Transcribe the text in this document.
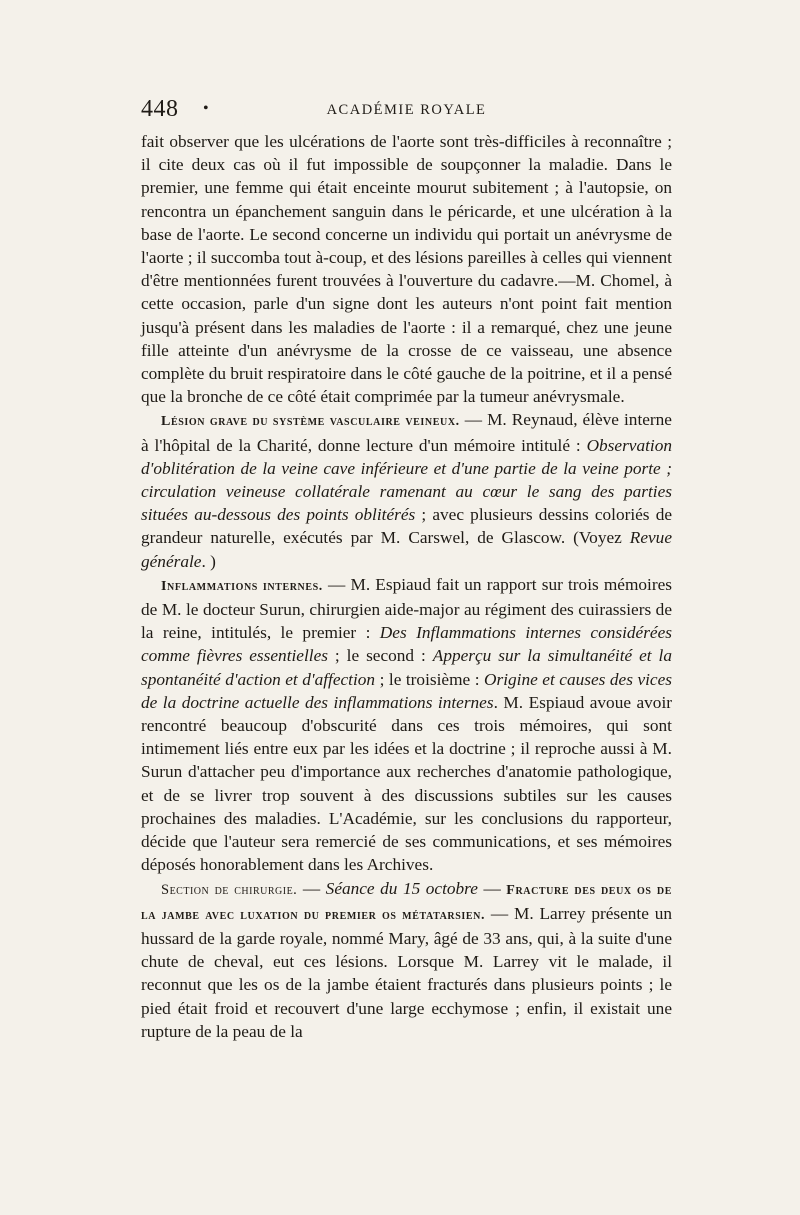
448 •	ACADÉMIE ROYALE

fait observer que les ulcérations de l'aorte sont très-difficiles à reconnaître ; il cite deux cas où il fut impossible de soupçonner la maladie. Dans le premier, une femme qui était enceinte mourut subitement ; à l'autopsie, on rencontra un épanchement sanguin dans le péricarde, et une ulcération à la base de l'aorte. Le second concerne un individu qui portait un anévrysme de l'aorte ; il succomba tout à-coup, et des lésions pareilles à celles qui viennent d'être mentionnées furent trouvées à l'ouverture du cadavre.—M. Chomel, à cette occasion, parle d'un signe dont les auteurs n'ont point fait mention jusqu'à présent dans les maladies de l'aorte : il a remarqué, chez une jeune fille atteinte d'un anévrysme de la crosse de ce vaisseau, une absence complète du bruit respiratoire dans le côté gauche de la poitrine, et il a pensé que la bronche de ce côté était comprimée par la tumeur anévrysmale.

Lésion grave du système vasculaire veineux. — M. Reynaud, élève interne à l'hôpital de la Charité, donne lecture d'un mémoire intitulé : Observation d'oblitération de la veine cave inférieure et d'une partie de la veine porte ; circulation veineuse collatérale ramenant au cœur le sang des parties situées au-dessous des points oblitérés ; avec plusieurs dessins coloriés de grandeur naturelle, exécutés par M. Carswel, de Glascow. (Voyez Revue générale. )

Inflammations internes. — M. Espiaud fait un rapport sur trois mémoires de M. le docteur Surun, chirurgien aide-major au régiment des cuirassiers de la reine, intitulés, le premier : Des Inflammations internes considérées comme fièvres essentielles ; le second : Apperçu sur la simultanéité et la spontanéité d'action et d'affection ; le troisième : Origine et causes des vices de la doctrine actuelle des inflammations internes. M. Espiaud avoue avoir rencontré beaucoup d'obscurité dans ces trois mémoires, qui sont intimement liés entre eux par les idées et la doctrine ; il reproche aussi à M. Surun d'attacher peu d'importance aux recherches d'anatomie pathologique, et de se livrer trop souvent à des discussions subtiles sur les causes prochaines des maladies. L'Académie, sur les conclusions du rapporteur, décide que l'auteur sera remercié de ses communications, et ses mémoires déposés honorablement dans les Archives.

Section de chirurgie. — Séance du 15 octobre — Fracture des deux os de la jambe avec luxation du premier os métatarsien. — M. Larrey présente un hussard de la garde royale, nommé Mary, âgé de 33 ans, qui, à la suite d'une chute de cheval, eut ces lésions. Lorsque M. Larrey vit le malade, il reconnut que les os de la jambe étaient fracturés dans plusieurs points ; le pied était froid et recouvert d'une large ecchymose ; enfin, il existait une rupture de la peau de la
